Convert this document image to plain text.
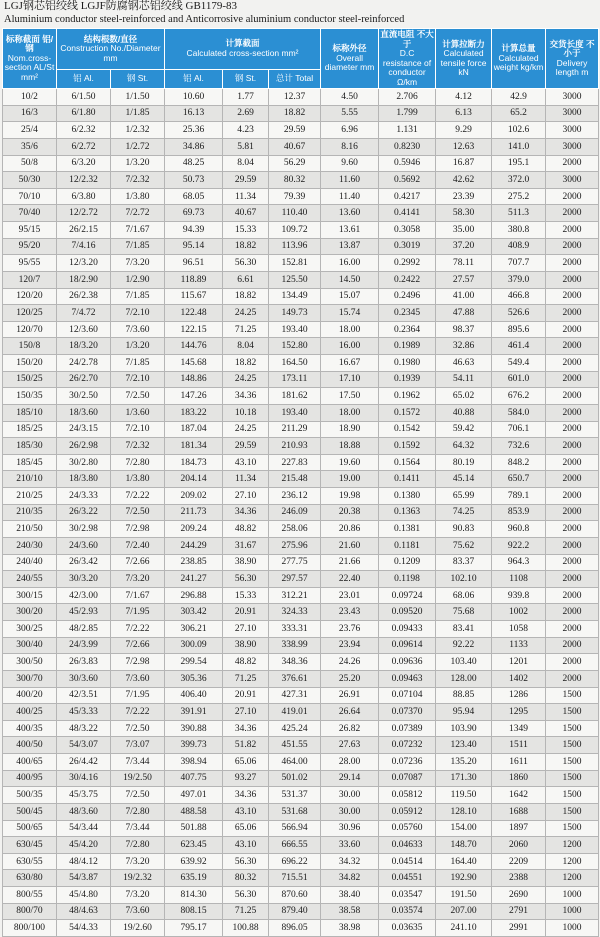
LGJ钢芯铝绞线 LGJF防腐钢芯铝绞线 GB1179-83
Aluminium conductor steel-reinforced and Anticorrosive aluminium conductor steel-reinforced
标称截面 铝/钢
Nom.cross-section AL/St mm²	结构根数/直径
Construction No./Diameter mm		计算截面
Calculated cross-section mm²			标称外径
Overall diameter mm	直流电阻 不大于
D.C resistance of conductor Ω/km	计算拉断力
Calculated tensile force kN	计算总量
Calculated weight kg/km	交货长度 不小于
Delivery length m
	铝 Al.	钢 St.	铝 Al.	钢 St.	总计 Total					
10/2	6/1.50	1/1.50	10.60	1.77	12.37	4.50	2.706	4.12	42.9	3000
16/3	6/1.80	1/1.85	16.13	2.69	18.82	5.55	1.799	6.13	65.2	3000
25/4	6/2.32	1/2.32	25.36	4.23	29.59	6.96	1.131	9.29	102.6	3000
35/6	6/2.72	1/2.72	34.86	5.81	40.67	8.16	0.8230	12.63	141.0	3000
50/8	6/3.20	1/3.20	48.25	8.04	56.29	9.60	0.5946	16.87	195.1	2000
50/30	12/2.32	7/2.32	50.73	29.59	80.32	11.60	0.5692	42.62	372.0	3000
70/10	6/3.80	1/3.80	68.05	11.34	79.39	11.40	0.4217	23.39	275.2	2000
70/40	12/2.72	7/2.72	69.73	40.67	110.40	13.60	0.4141	58.30	511.3	2000
95/15	26/2.15	7/1.67	94.39	15.33	109.72	13.61	0.3058	35.00	380.8	2000
95/20	7/4.16	7/1.85	95.14	18.82	113.96	13.87	0.3019	37.20	408.9	2000
95/55	12/3.20	7/3.20	96.51	56.30	152.81	16.00	0.2992	78.11	707.7	2000
120/7	18/2.90	1/2.90	118.89	6.61	125.50	14.50	0.2422	27.57	379.0	2000
120/20	26/2.38	7/1.85	115.67	18.82	134.49	15.07	0.2496	41.00	466.8	2000
120/25	7/4.72	7/2.10	122.48	24.25	149.73	15.74	0.2345	47.88	526.6	2000
120/70	12/3.60	7/3.60	122.15	71.25	193.40	18.00	0.2364	98.37	895.6	2000
150/8	18/3.20	1/3.20	144.76	8.04	152.80	16.00	0.1989	32.86	461.4	2000
150/20	24/2.78	7/1.85	145.68	18.82	164.50	16.67	0.1980	46.63	549.4	2000
150/25	26/2.70	7/2.10	148.86	24.25	173.11	17.10	0.1939	54.11	601.0	2000
150/35	30/2.50	7/2.50	147.26	34.36	181.62	17.50	0.1962	65.02	676.2	2000
185/10	18/3.60	1/3.60	183.22	10.18	193.40	18.00	0.1572	40.88	584.0	2000
185/25	24/3.15	7/2.10	187.04	24.25	211.29	18.90	0.1542	59.42	706.1	2000
185/30	26/2.98	7/2.32	181.34	29.59	210.93	18.88	0.1592	64.32	732.6	2000
185/45	30/2.80	7/2.80	184.73	43.10	227.83	19.60	0.1564	80.19	848.2	2000
210/10	18/3.80	1/3.80	204.14	11.34	215.48	19.00	0.1411	45.14	650.7	2000
210/25	24/3.33	7/2.22	209.02	27.10	236.12	19.98	0.1380	65.99	789.1	2000
210/35	26/3.22	7/2.50	211.73	34.36	246.09	20.38	0.1363	74.25	853.9	2000
210/50	30/2.98	7/2.98	209.24	48.82	258.06	20.86	0.1381	90.83	960.8	2000
240/30	24/3.60	7/2.40	244.29	31.67	275.96	21.60	0.1181	75.62	922.2	2000
240/40	26/3.42	7/2.66	238.85	38.90	277.75	21.66	0.1209	83.37	964.3	2000
240/55	30/3.20	7/3.20	241.27	56.30	297.57	22.40	0.1198	102.10	1108	2000
300/15	42/3.00	7/1.67	296.88	15.33	312.21	23.01	0.09724	68.06	939.8	2000
300/20	45/2.93	7/1.95	303.42	20.91	324.33	23.43	0.09520	75.68	1002	2000
300/25	48/2.85	7/2.22	306.21	27.10	333.31	23.76	0.09433	83.41	1058	2000
300/40	24/3.99	7/2.66	300.09	38.90	338.99	23.94	0.09614	92.22	1133	2000
300/50	26/3.83	7/2.98	299.54	48.82	348.36	24.26	0.09636	103.40	1201	2000
300/70	30/3.60	7/3.60	305.36	71.25	376.61	25.20	0.09463	128.00	1402	2000
400/20	42/3.51	7/1.95	406.40	20.91	427.31	26.91	0.07104	88.85	1286	1500
400/25	45/3.33	7/2.22	391.91	27.10	419.01	26.64	0.07370	95.94	1295	1500
400/35	48/3.22	7/2.50	390.88	34.36	425.24	26.82	0.07389	103.90	1349	1500
400/50	54/3.07	7/3.07	399.73	51.82	451.55	27.63	0.07232	123.40	1511	1500
400/65	26/4.42	7/3.44	398.94	65.06	464.00	28.00	0.07236	135.20	1611	1500
400/95	30/4.16	19/2.50	407.75	93.27	501.02	29.14	0.07087	171.30	1860	1500
500/35	45/3.75	7/2.50	497.01	34.36	531.37	30.00	0.05812	119.50	1642	1500
500/45	48/3.60	7/2.80	488.58	43.10	531.68	30.00	0.05912	128.10	1688	1500
500/65	54/3.44	7/3.44	501.88	65.06	566.94	30.96	0.05760	154.00	1897	1500
630/45	45/4.20	7/2.80	623.45	43.10	666.55	33.60	0.04633	148.70	2060	1200
630/55	48/4.12	7/3.20	639.92	56.30	696.22	34.32	0.04514	164.40	2209	1200
630/80	54/3.87	19/2.32	635.19	80.32	715.51	34.82	0.04551	192.90	2388	1200
800/55	45/4.80	7/3.20	814.30	56.30	870.60	38.40	0.03547	191.50	2690	1000
800/70	48/4.63	7/3.60	808.15	71.25	879.40	38.58	0.03574	207.00	2791	1000
800/100	54/4.33	19/2.60	795.17	100.88	896.05	38.98	0.03635	241.10	2991	1000
